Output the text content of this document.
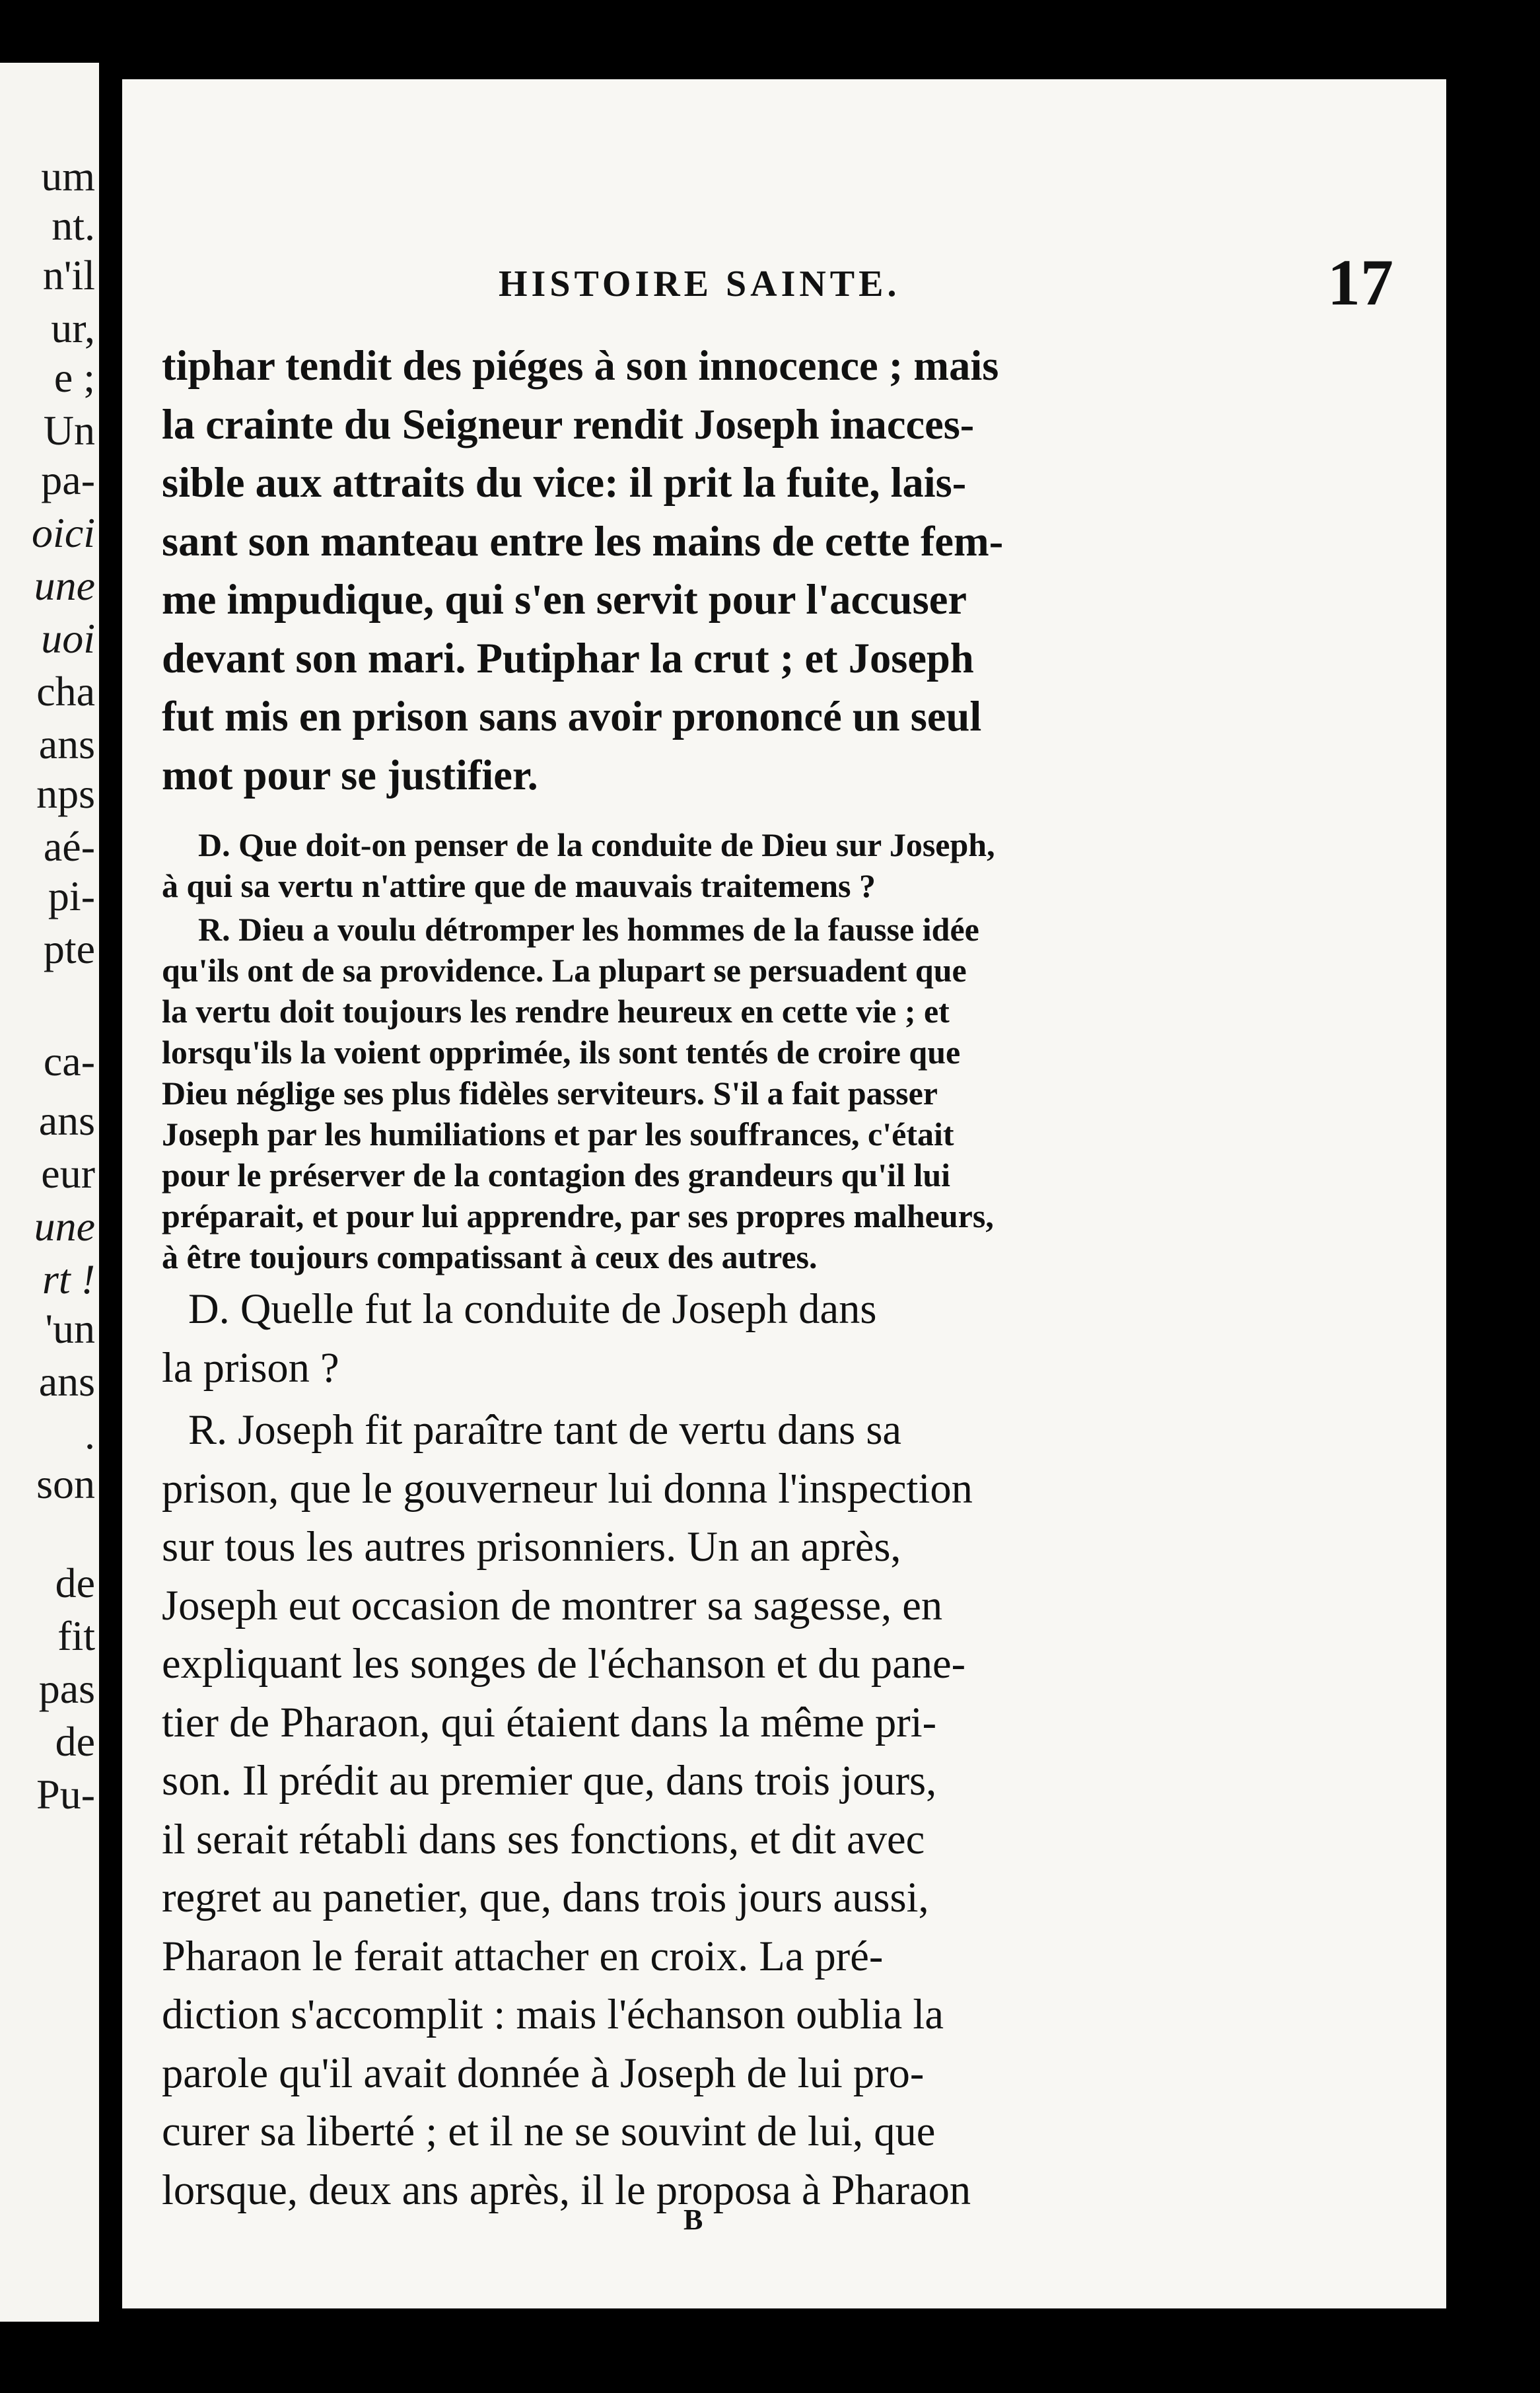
um
nt.
n'il
ur,
e ;
Un
pa-
oici
une
uoi
cha
ans
nps
aé-
pi-
pte
ca-
ans
eur
une
rt !
'un
ans
.
son
de
fit
pas
de
Pu-
HISTOIRE SAINTE.	17
tiphar tendit des piéges à son innocence ; mais
la crainte du Seigneur rendit Joseph inacces-
sible aux attraits du vice: il prit la fuite, lais-
sant son manteau entre les mains de cette fem-
me impudique, qui s'en servit pour l'accuser
devant son mari. Putiphar la crut ; et Joseph
fut mis en prison sans avoir prononcé un seul
mot pour se justifier.
D. Que doit-on penser de la conduite de Dieu sur Joseph,
à qui sa vertu n'attire que de mauvais traitemens ?
R. Dieu a voulu détromper les hommes de la fausse idée
qu'ils ont de sa providence. La plupart se persuadent que
la vertu doit toujours les rendre heureux en cette vie ; et
lorsqu'ils la voient opprimée, ils sont tentés de croire que
Dieu néglige ses plus fidèles serviteurs. S'il a fait passer
Joseph par les humiliations et par les souffrances, c'était
pour le préserver de la contagion des grandeurs qu'il lui
préparait, et pour lui apprendre, par ses propres malheurs,
à être toujours compatissant à ceux des autres.
D. Quelle fut la conduite de Joseph dans
la prison ?
R. Joseph fit paraître tant de vertu dans sa
prison, que le gouverneur lui donna l'inspection
sur tous les autres prisonniers. Un an après,
Joseph eut occasion de montrer sa sagesse, en
expliquant les songes de l'échanson et du pane-
tier de Pharaon, qui étaient dans la même pri-
son. Il prédit au premier que, dans trois jours,
il serait rétabli dans ses fonctions, et dit avec
regret au panetier, que, dans trois jours aussi,
Pharaon le ferait attacher en croix. La pré-
diction s'accomplit : mais l'échanson oublia la
parole qu'il avait donnée à Joseph de lui pro-
curer sa liberté ; et il ne se souvint de lui, que
lorsque, deux ans après, il le proposa à Pharaon
B
